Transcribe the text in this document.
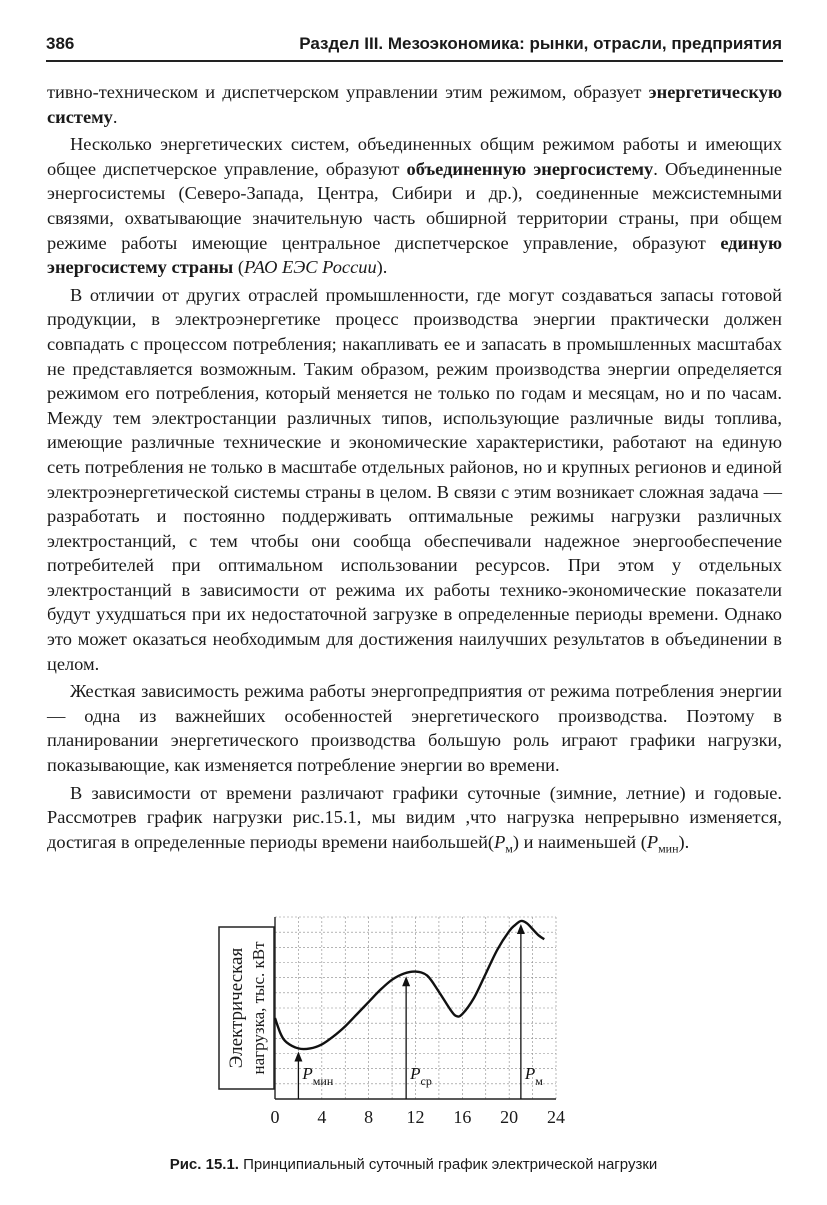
386	Раздел III. Мезоэкономика: рынки, отрасли, предприятия

тивно-техническом и диспетчерском управлении этим режимом, образует энергетическую систему.

Несколько энергетических систем, объединенных общим режимом работы и имеющих общее диспетчерское управление, образуют объединенную энергосистему. Объединенные энергосистемы (Северо-Запада, Центра, Сибири и др.), соединенные межсистемными связями, охватывающие значительную часть обширной территории страны, при общем режиме работы имеющие центральное диспетчерское управление, образуют единую энергосистему страны (РАО ЕЭС России).

В отличии от других отраслей промышленности, где могут создаваться запасы готовой продукции, в электроэнергетике процесс производства энергии практически должен совпадать с процессом потребления; накапливать ее и запасать в промышленных масштабах не представляется возможным. Таким образом, режим производства энергии определяется режимом его потребления, который меняется не только по годам и месяцам, но и по часам. Между тем электростанции различных типов, использующие различные виды топлива, имеющие различные технические и экономические характеристики, работают на единую сеть потребления не только в масштабе отдельных районов, но и крупных регионов и единой электроэнергетической системы страны в целом. В связи с этим возникает сложная задача — разработать и постоянно поддерживать оптимальные режимы нагрузки различных электростанций, с тем чтобы они сообща обеспечивали надежное энергообеспечение потребителей при оптимальном использовании ресурсов. При этом у отдельных электростанций в зависимости от режима их работы технико-экономические показатели будут ухудшаться при их недостаточной загрузке в определенные периоды времени. Однако это может оказаться необходимым для достижения наилучших результатов в объединении в целом.

Жесткая зависимость режима работы энергопредприятия от режима потребления энергии — одна из важнейших особенностей энергетического производства. Поэтому в планировании энергетического производства большую роль играют графики нагрузки, показывающие, как изменяется потребление энергии во времени.

В зависимости от времени различают графики суточные (зимние, летние) и годовые. Рассмотрев график нагрузки рис.15.1, мы видим ,что нагрузка непрерывно изменяется, достигая в определенные периоды времени $наибольшей(P_м)$ и наименьшей $(P_{мин})$.

Электрическая нагрузка, тыс. кВт
0 4 8 12 16 20 24
$P_{мин}$	$P_{ср}$	$P_м$
Рис. 15.1. Принципиальный суточный график электрической нагрузки
